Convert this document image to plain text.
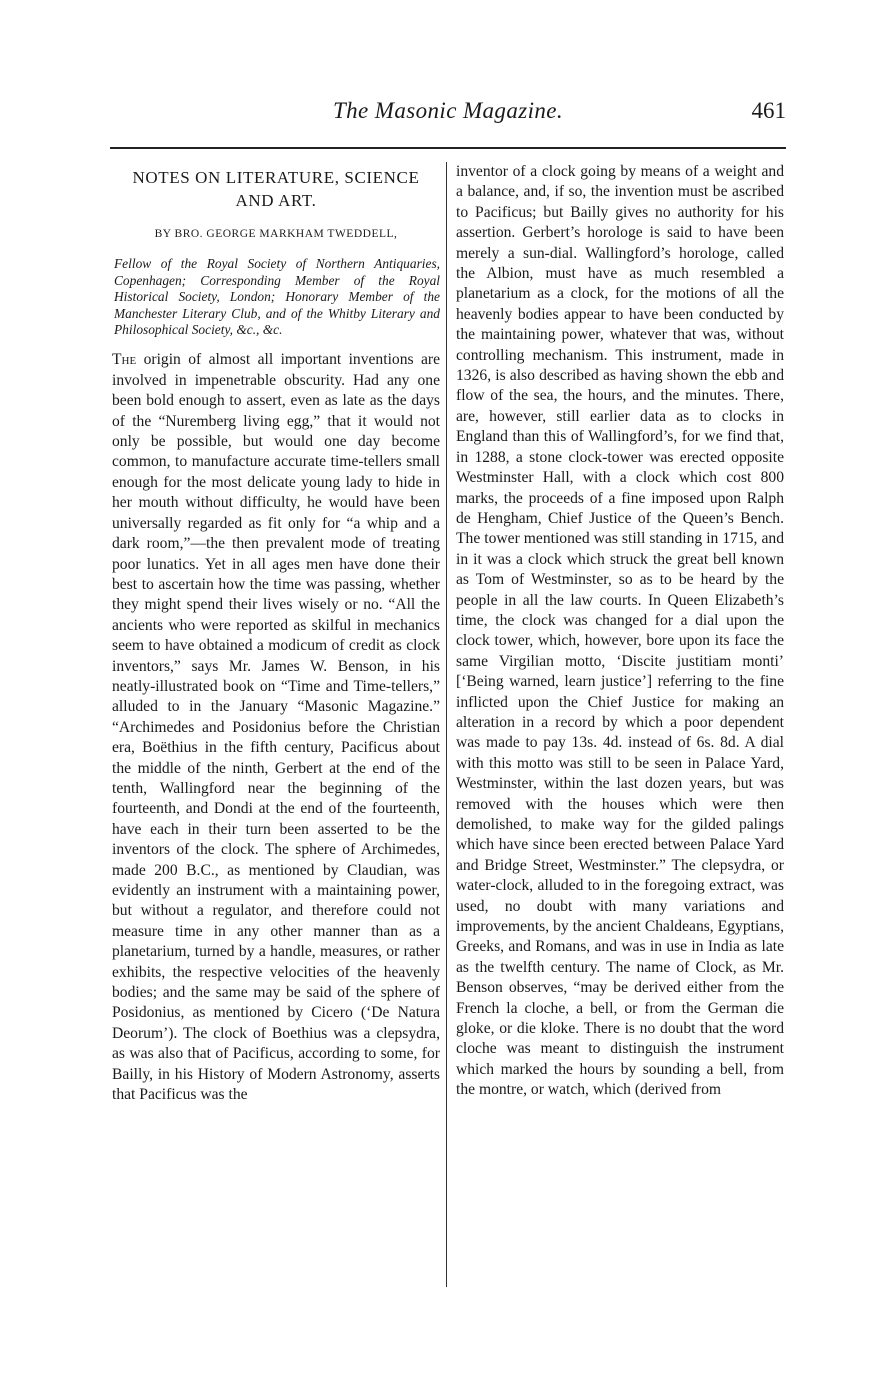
The Masonic Magazine.	461
NOTES ON LITERATURE, SCIENCE AND ART.
BY BRO. GEORGE MARKHAM TWEDDELL,
Fellow of the Royal Society of Northern Antiquaries, Copenhagen; Corresponding Member of the Royal Historical Society, London; Honorary Member of the Manchester Literary Club, and of the Whitby Literary and Philosophical Society, &c., &c.

The origin of almost all important inventions are involved in impenetrable obscurity. Had any one been bold enough to assert, even as late as the days of the “Nuremberg living egg,” that it would not only be possible, but would one day become common, to manufacture accurate time-tellers small enough for the most delicate young lady to hide in her mouth without difficulty, he would have been universally regarded as fit only for “a whip and a dark room,”—the then prevalent mode of treating poor lunatics. Yet in all ages men have done their best to ascertain how the time was passing, whether they might spend their lives wisely or no. “All the ancients who were reported as skilful in mechanics seem to have obtained a modicum of credit as clock inventors,” says Mr. James W. Benson, in his neatly-illustrated book on “Time and Time-tellers,” alluded to in the January “Masonic Magazine.” “Archimedes and Posidonius before the Christian era, Boëthius in the fifth century, Pacificus about the middle of the ninth, Gerbert at the end of the tenth, Wallingford near the beginning of the fourteenth, and Dondi at the end of the fourteenth, have each in their turn been asserted to be the inventors of the clock. The sphere of Archimedes, made 200 B.C., as mentioned by Claudian, was evidently an instrument with a maintaining power, but without a regulator, and therefore could not measure time in any other manner than as a planetarium, turned by a handle, measures, or rather exhibits, the respective velocities of the heavenly bodies; and the same may be said of the sphere of Posidonius, as mentioned by Cicero (‘De Natura Deorum’). The clock of Boethius was a clepsydra, as was also that of Pacificus, according to some, for Bailly, in his History of Modern Astronomy, asserts that Pacificus was the

inventor of a clock going by means of a weight and a balance, and, if so, the invention must be ascribed to Pacificus; but Bailly gives no authority for his assertion. Gerbert’s horologe is said to have been merely a sun-dial. Wallingford’s horologe, called the Albion, must have as much resembled a planetarium as a clock, for the motions of all the heavenly bodies appear to have been conducted by the maintaining power, whatever that was, without controlling mechanism. This instrument, made in 1326, is also described as having shown the ebb and flow of the sea, the hours, and the minutes. There, are, however, still earlier data as to clocks in England than this of Wallingford’s, for we find that, in 1288, a stone clock-tower was erected opposite Westminster Hall, with a clock which cost 800 marks, the proceeds of a fine imposed upon Ralph de Hengham, Chief Justice of the Queen’s Bench. The tower mentioned was still standing in 1715, and in it was a clock which struck the great bell known as Tom of Westminster, so as to be heard by the people in all the law courts. In Queen Elizabeth’s time, the clock was changed for a dial upon the clock tower, which, however, bore upon its face the same Virgilian motto, ‘Discite justitiam monti’ [‘Being warned, learn justice’] referring to the fine inflicted upon the Chief Justice for making an alteration in a record by which a poor dependent was made to pay 13s. 4d. instead of 6s. 8d. A dial with this motto was still to be seen in Palace Yard, Westminster, within the last dozen years, but was removed with the houses which were then demolished, to make way for the gilded palings which have since been erected between Palace Yard and Bridge Street, Westminster.” The clepsydra, or water-clock, alluded to in the foregoing extract, was used, no doubt with many variations and improvements, by the ancient Chaldeans, Egyptians, Greeks, and Romans, and was in use in India as late as the twelfth century. The name of Clock, as Mr. Benson observes, “may be derived either from the French la cloche, a bell, or from the German die gloke, or die kloke. There is no doubt that the word cloche was meant to distinguish the instrument which marked the hours by sounding a bell, from the montre, or watch, which (derived from
